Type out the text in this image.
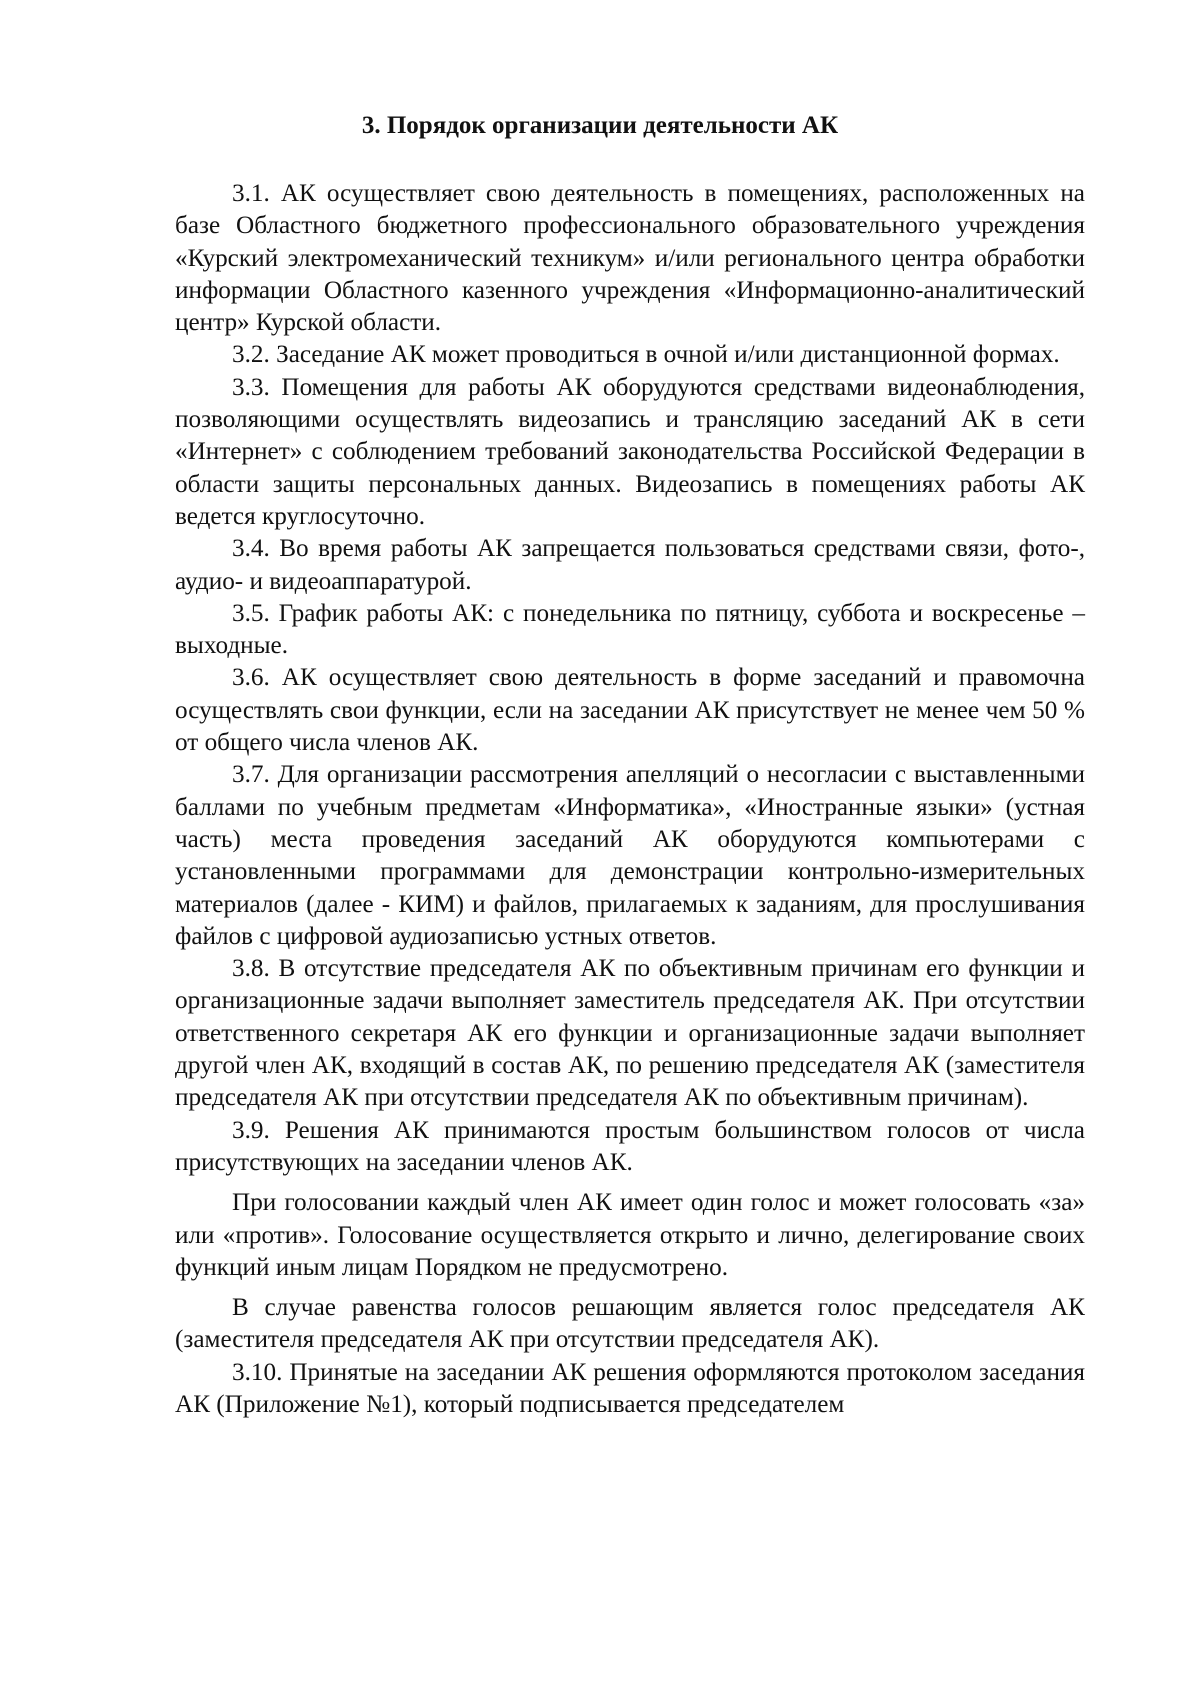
3. Порядок организации деятельности АК

3.1. АК осуществляет свою деятельность в помещениях, расположенных на базе Областного бюджетного профессионального образовательного учреждения «Курский электромеханический техникум» и/или регионального центра обработки информации Областного казенного учреждения «Информационно-аналитический центр» Курской области.

3.2. Заседание АК может проводиться в очной и/или дистанционной формах.

3.3. Помещения для работы АК оборудуются средствами видеонаблюдения, позволяющими осуществлять видеозапись и трансляцию заседаний АК в сети «Интернет» с соблюдением требований законодательства Российской Федерации в области защиты персональных данных. Видеозапись в помещениях работы АК ведется круглосуточно.

3.4. Во время работы АК запрещается пользоваться средствами связи, фото-, аудио- и видеоаппаратурой.

3.5. График работы АК: с понедельника по пятницу, суббота и воскресенье – выходные.

3.6. АК осуществляет свою деятельность в форме заседаний и правомочна осуществлять свои функции, если на заседании АК присутствует не менее чем 50 % от общего числа членов АК.

3.7. Для организации рассмотрения апелляций о несогласии с выставленными баллами по учебным предметам «Информатика», «Иностранные языки» (устная часть) места проведения заседаний АК оборудуются компьютерами с установленными программами для демонстрации контрольно-измерительных материалов (далее - КИМ) и файлов, прилагаемых к заданиям, для прослушивания файлов с цифровой аудиозаписью устных ответов.

3.8. В отсутствие председателя АК по объективным причинам его функции и организационные задачи выполняет заместитель председателя АК. При отсутствии ответственного секретаря АК его функции и организационные задачи выполняет другой член АК, входящий в состав АК, по решению председателя АК (заместителя председателя АК при отсутствии председателя АК по объективным причинам).

3.9. Решения АК принимаются простым большинством голосов от числа присутствующих на заседании членов АК.

При голосовании каждый член АК имеет один голос и может голосовать «за» или «против». Голосование осуществляется открыто и лично, делегирование своих функций иным лицам Порядком не предусмотрено.

В случае равенства голосов решающим является голос председателя АК (заместителя председателя АК при отсутствии председателя АК).

3.10. Принятые на заседании АК решения оформляются протоколом заседания АК (Приложение №1), который подписывается председателем
